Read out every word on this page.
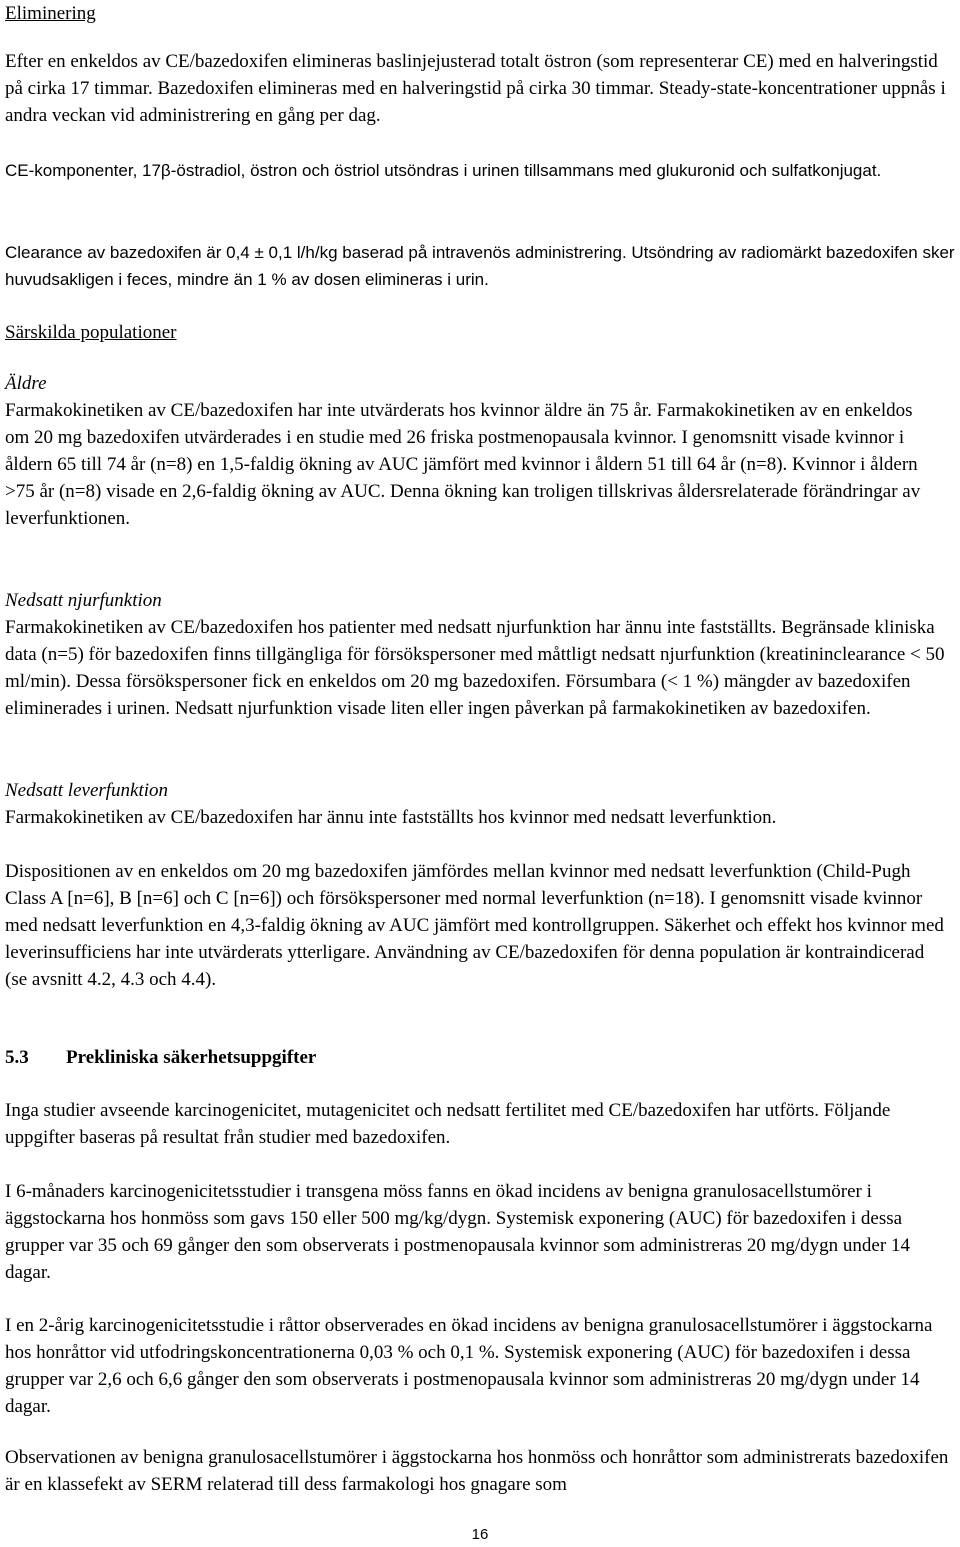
Eliminering

Efter en enkeldos av CE/bazedoxifen elimineras baslinjejusterad totalt östron (som representerar CE) med en halveringstid på cirka 17 timmar. Bazedoxifen elimineras med en halveringstid på cirka 30 timmar. Steady-state-koncentrationer uppnås i andra veckan vid administrering en gång per dag.

CE-komponenter, 17β-östradiol, östron och östriol utsöndras i urinen tillsammans med glukuronid och sulfatkonjugat.

Clearance av bazedoxifen är 0,4 ± 0,1 l/h/kg baserad på intravenös administrering. Utsöndring av radiomärkt bazedoxifen sker huvudsakligen i feces, mindre än 1 % av dosen elimineras i urin.

Särskilda populationer

Äldre

Farmakokinetiken av CE/bazedoxifen har inte utvärderats hos kvinnor äldre än 75 år. Farmakokinetiken av en enkeldos om 20 mg bazedoxifen utvärderades i en studie med 26 friska postmenopausala kvinnor. I genomsnitt visade kvinnor i åldern 65 till 74 år (n=8) en 1,5-faldig ökning av AUC jämfört med kvinnor i åldern 51 till 64 år (n=8). Kvinnor i åldern >75 år (n=8) visade en 2,6-faldig ökning av AUC. Denna ökning kan troligen tillskrivas åldersrelaterade förändringar av leverfunktionen.

Nedsatt njurfunktion

Farmakokinetiken av CE/bazedoxifen hos patienter med nedsatt njurfunktion har ännu inte fastställts. Begränsade kliniska data (n=5) för bazedoxifen finns tillgängliga för försökspersoner med måttligt nedsatt njurfunktion (kreatininclearance < 50 ml/min). Dessa försökspersoner fick en enkeldos om 20 mg bazedoxifen. Försumbara (< 1 %) mängder av bazedoxifen eliminerades i urinen. Nedsatt njurfunktion visade liten eller ingen påverkan på farmakokinetiken av bazedoxifen.

Nedsatt leverfunktion

Farmakokinetiken av CE/bazedoxifen har ännu inte fastställts hos kvinnor med nedsatt leverfunktion.

Dispositionen av en enkeldos om 20 mg bazedoxifen jämfördes mellan kvinnor med nedsatt leverfunktion (Child-Pugh Class A [n=6], B [n=6] och C [n=6]) och försökspersoner med normal leverfunktion (n=18). I genomsnitt visade kvinnor med nedsatt leverfunktion en 4,3-faldig ökning av AUC jämfört med kontrollgruppen. Säkerhet och effekt hos kvinnor med leverinsufficiens har inte utvärderats ytterligare. Användning av CE/bazedoxifen för denna population är kontraindicerad (se avsnitt 4.2, 4.3 och 4.4).

5.3 Prekliniska säkerhetsuppgifter

Inga studier avseende karcinogenicitet, mutagenicitet och nedsatt fertilitet med CE/bazedoxifen har utförts. Följande uppgifter baseras på resultat från studier med bazedoxifen.

I 6-månaders karcinogenicitetsstudier i transgena möss fanns en ökad incidens av benigna granulosacellstumörer i äggstockarna hos honmöss som gavs 150 eller 500 mg/kg/dygn. Systemisk exponering (AUC) för bazedoxifen i dessa grupper var 35 och 69 gånger den som observerats i postmenopausala kvinnor som administreras 20 mg/dygn under 14 dagar.

I en 2-årig karcinogenicitetsstudie i råttor observerades en ökad incidens av benigna granulosacellstumörer i äggstockarna hos honråttor vid utfodringskoncentrationerna 0,03 % och 0,1 %. Systemisk exponering (AUC) för bazedoxifen i dessa grupper var 2,6 och 6,6 gånger den som observerats i postmenopausala kvinnor som administreras 20 mg/dygn under 14 dagar.

Observationen av benigna granulosacellstumörer i äggstockarna hos honmöss och honråttor som administrerats bazedoxifen är en klassefekt av SERM relaterad till dess farmakologi hos gnagare som

16
